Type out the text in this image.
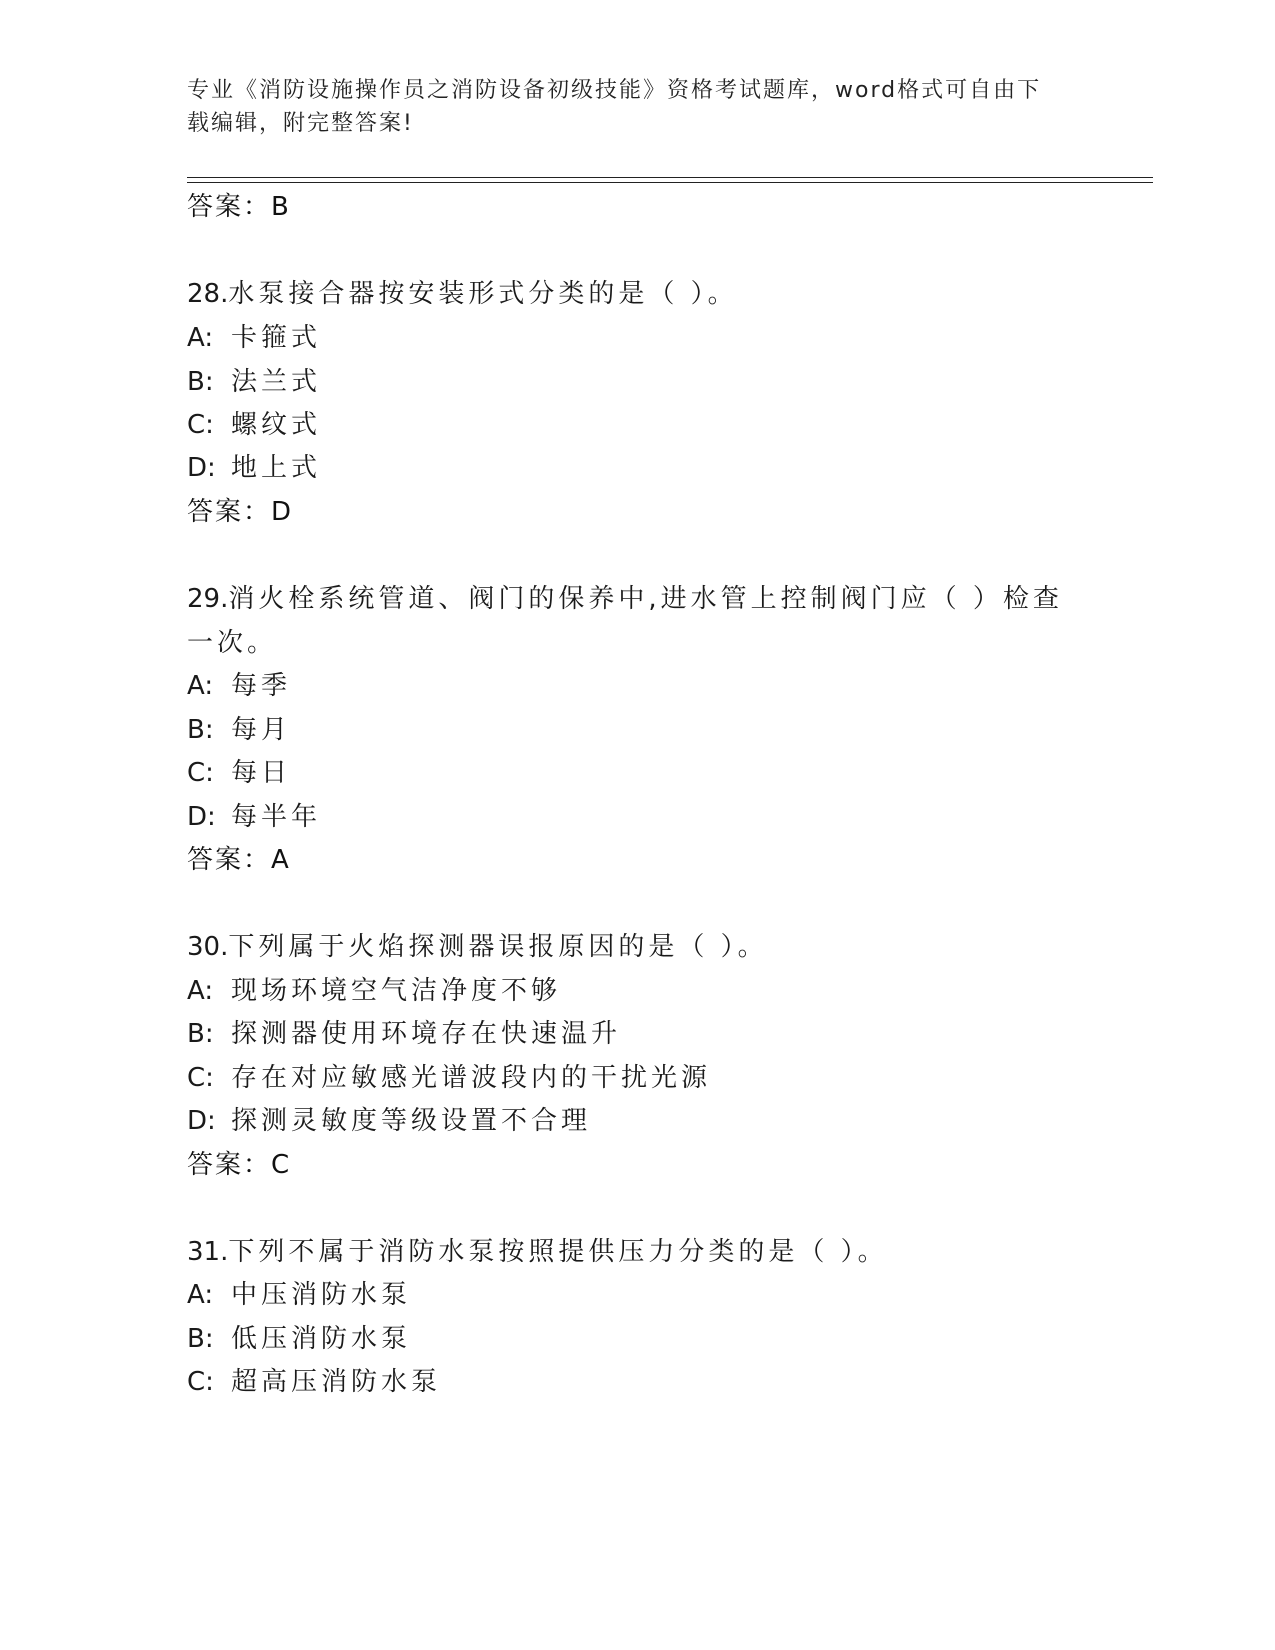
专业《消防设施操作员之消防设备初级技能》资格考试题库，word格式可自由下
载编辑，附完整答案!
答案：B
28.水泵接合器按安装形式分类的是（ ）。
A: 卡箍式
B: 法兰式
C: 螺纹式
D: 地上式
答案：D
29.消火栓系统管道、阀门的保养中,进水管上控制阀门应（ ）检查
一次。
A: 每季
B: 每月
C: 每日
D: 每半年
答案：A
30.下列属于火焰探测器误报原因的是（ ）。
A: 现场环境空气洁净度不够
B: 探测器使用环境存在快速温升
C: 存在对应敏感光谱波段内的干扰光源
D: 探测灵敏度等级设置不合理
答案：C
31.下列不属于消防水泵按照提供压力分类的是（ ）。
A: 中压消防水泵
B: 低压消防水泵
C: 超高压消防水泵
